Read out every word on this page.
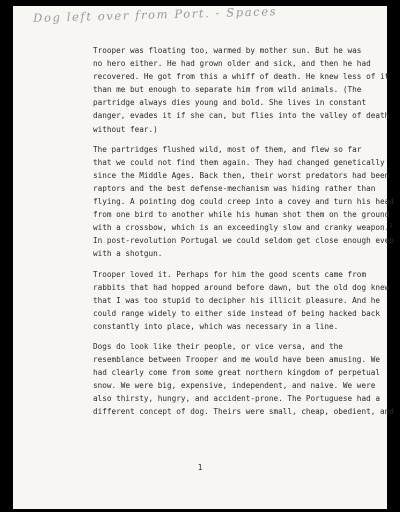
Dog left over from Port. - Spaces

Trooper was floating too, warmed by mother sun. But he was
no hero either. He had grown older and sick, and then he had
recovered. He got from this a whiff of death. He knew less of it
than me but enough to separate him from wild animals. (The
partridge always dies young and bold. She lives in constant
danger, evades it if she can, but flies into the valley of death
without fear.)

The partridges flushed wild, most of them, and flew so far
that we could not find them again. They had changed genetically
since the Middle Ages. Back then, their worst predators had been
raptors and the best defense-mechanism was hiding rather than
flying. A pointing dog could creep into a covey and turn his head
from one bird to another while his human shot them on the ground
with a crossbow, which is an exceedingly slow and cranky weapon.$^1$
In post-revolution Portugal we could seldom get close enough even
with a shotgun.

Trooper loved it. Perhaps for him the good scents came from
rabbits that had hopped around before dawn, but the old dog knew
that I was too stupid to decipher his illicit pleasure. And he
could range widely to either side instead of being hacked back
constantly into place, which was necessary in a line.

Dogs do look like their people, or vice versa, and the
resemblance between Trooper and me would have been amusing. We
had clearly come from some great northern kingdom of perpetual
snow. We were big, expensive, independent, and naive. We were
also thirsty, hungry, and accident-prone. The Portuguese had a
different concept of dog. Theirs were small, cheap, obedient, and

1
